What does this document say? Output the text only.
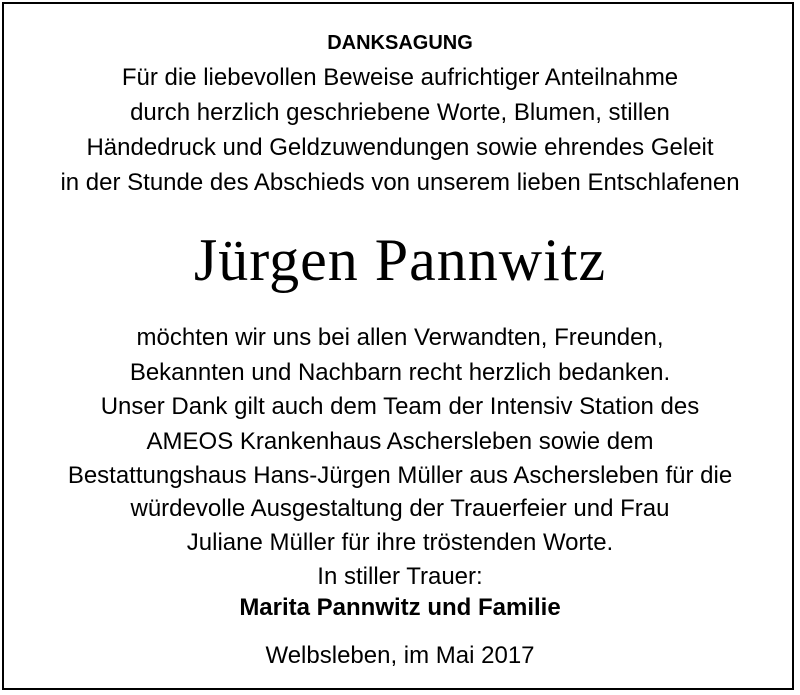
DANKSAGUNG
Für die liebevollen Beweise aufrichtiger Anteilnahme
durch herzlich geschriebene Worte, Blumen, stillen
Händedruck und Geldzuwendungen sowie ehrendes Geleit
in der Stunde des Abschieds von unserem lieben Entschlafenen
Jürgen Pannwitz
möchten wir uns bei allen Verwandten, Freunden,
Bekannten und Nachbarn recht herzlich bedanken.
Unser Dank gilt auch dem Team der Intensiv Station des
AMEOS Krankenhaus Aschersleben sowie dem
Bestattungshaus Hans-Jürgen Müller aus Aschersleben für die
würdevolle Ausgestaltung der Trauerfeier und Frau
Juliane Müller für ihre tröstenden Worte.
In stiller Trauer:
Marita Pannwitz und Familie
Welbsleben, im Mai 2017
